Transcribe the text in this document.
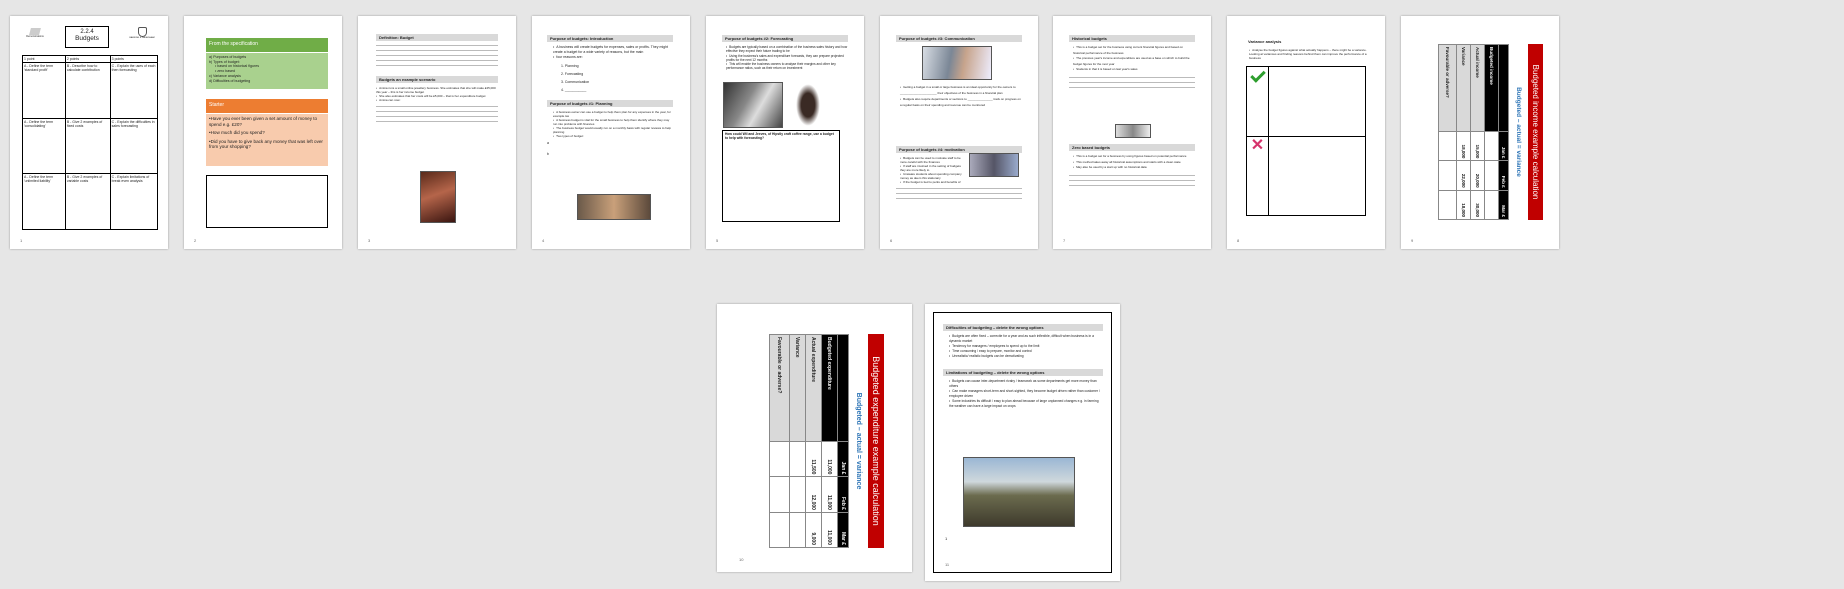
Demonstrations
2.2.4
Budgets	BARKING & DAGENHAM
1 point	2 points	3 points
A - Define the term 'standard profit'	B - Describe how to calculate contribution	C - Explain the uses of each then forecasting
A - Define the term 'consolidating'	B - Give 2 examples of fixed costs	C - Explain the difficulties in sales forecasting
A - Define the term 'unlimited liability'	B - Give 2 examples of variable costs	C - Explain limitations of break even analysis
1
From the specification
a) Purposes of budgets
b) Types of budget:
• based on historical figures
• zero based
c) Variance analysis
d) Difficulties of budgeting
Starter
•Have you ever been given a set amount of money to spend e.g. £20?
•How much did you spend?
•Did you have to give back any money that was left over from your shopping?
2
Definition: Budget
Budgets an example scenario
• Amina runs a small online jewellery business. She estimates that she will make £25,000 this year – this is her income budget
• She also estimates that her costs will be £5,000 – that is her expenditure budget
• Amina can now:
3
Purpose of budgets: Introduction
• A business will create budgets for expenses, sales or profits. They might create a budget for a wide variety of reasons, but the main
• four reasons are:
1. Planning
2. Forecasting
3. Communication
4. ___________
Purpose of budgets #1: Planning
• A business owner can use a budget to help them plan for any expenses in the year, for example tax
• A business budget is vital for the small business to help them identify where they may run into problems with finances
• The business budget would usually run on a monthly basis with regular reviews to help planning
• Two types of budget:
a
b
4
Purpose of budgets #2: Forecasting
• Budgets are typically based on a combination of the business sales history and how effective they expect their future trading to be
• Using the business's sales and expenditure forecasts, they can prepare projected profits for the next 12 months
• This will enable the business owners to analyse their margins and other key performance ratios, such as their return on investment
How could Wil and Jeeves, of Hipstly craft coffee range, use a budget to help with forecasting?
5
Purpose of budgets #3: Communication
• Getting a budget in a small or large business is an ideal opportunity for the owners to ______________________ their objectives of the business in a financial plan
• Budgets also require departments or sections to _______________ track on progress on a regular basis on their spending and revenue can be monitored
Purpose of budgets #4: motivation
• Budgets can be used to motivate staff to be more careful with the finances
• If staff are involved in the setting of budgets they are more likely to
• Unaware students about spending company money as deem this stationary
• If the budget is tied to perks and benefits of
6
Historical budgets
• This is a budget set for the business using current financial figures and based on historical performance of the business
• The previous year's income and expenditure are used as a base on which to build the budget figures for the next year
• Students in that it is based on last year's sales
Zero based budgets
• This is a budget set for a business by using figures based on potential performance
• This method takes away all historical assumptions and starts with a clean state
• May also be used by a start up with no historical data
7
Variance analysis
• Analyse the budget figures against what actually happens – there might be a variance. Looking at variances and finding reasons behind them can improve the performance of a business

✕	

8
Budgeted income example calculation
Budgeted – actual = variance
	Jan £	Feb £	Mar £
Budgeted income			
Actual income	15,000	20,000	30,000
Variance	18,000	22,000	18,000
Favourable or adverse?			
9
Budgeted expenditure example calculation
Budgeted – actual = variance
	Jan £	Feb £	Mar £
Budgeted expenditure	11,000	11,000	11,000
Actual expenditure	11,500	12,000	9,000
Variance			
Favourable or adverse?			
10
Difficulties of budgeting – delete the wrong options
• Budgets are often fixed – correctie for a year and as such inflexible, difficult when business is in a dynamic market
• Tendency for managers / employees to spend up to the limit
• Time consuming / easy to prepare, monitor and control
• Unrealistic/ realistic budgets can be demotivating
Limitations of budgeting – delete the wrong options
• Budgets can cause inter-department rivalry / teamwork as some departments get more money than others
• Can make managers short-term and short-sighted, they become budget driven rather than customer / employee driven
• Some industries its difficult / easy to plan ahead because of large unplanned changes e.g. in farming the weather can have a large impact on crops
1
11
